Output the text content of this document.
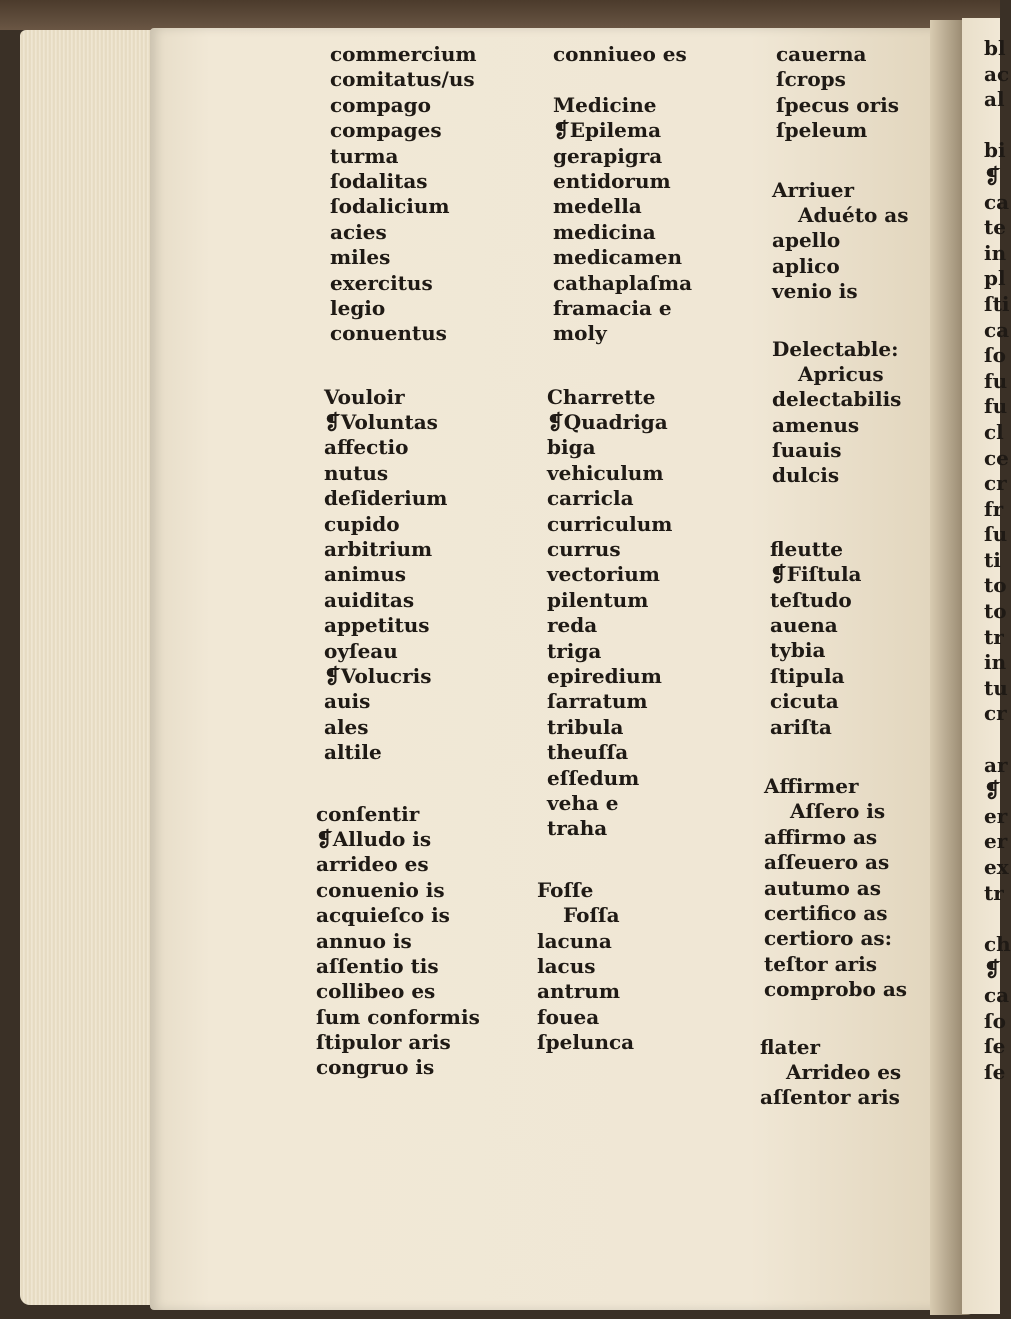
commercium
comitatus/us
compago
compages
turma
ſodalitas
ſodalicium
acies
miles
exercitus
legio
conuentus
Vouloir
❡Voluntas
affectio
nutus
deſiderium
cupido
arbitrium
animus
auiditas
appetitus
oyſeau
❡Volucris
auis
ales
altile
conſentir
❡Alludo is
arrideo es
conuenio is
acquieſco is
annuo is
aſſentio tis
collibeo es
ſum conformis
ſtipulor aris
congruo is
conniueo es
Medicine
❡Epilema
gerapigra
entidorum
medella
medicina
medicamen
cathaplaſma
framacia e
moly
Charrette
❡Quadriga
biga
vehiculum
carricla
curriculum
currus
vectorium
pilentum
reda
triga
epiredium
ſarratum
tribula
theuſſa
eſſedum
veha e
traha
Foſſe
Foſſa
lacuna
lacus
antrum
fouea
ſpelunca
cauerna
ſcrops
ſpecus oris
ſpeleum
Arriuer
Aduéto as
apello
aplico
venio is
Delectable:
Apricus
delectabilis
amenus
ſuauis
dulcis
fleutte
❡Fiſtula
teſtudo
auena
tybia
ſtipula
cicuta
ariſta
Affirmer
Aſſero is
affirmo as
aſſeuero as
autumo as
certifico as
certioro as:
teſtor aris
comprobo as
flater
Arrideo es
aſſentor aris
bl
ac
al
bi
❡
ca
te
in
pl
ſti
ca
ſo
fu
fu
cl
ce
cr
fr
ſu
ti
to
to
tr
in
tu
cr
ar
❡
er
er
ex
tr
ch
❡
ca
ſo
ſe
ſe
